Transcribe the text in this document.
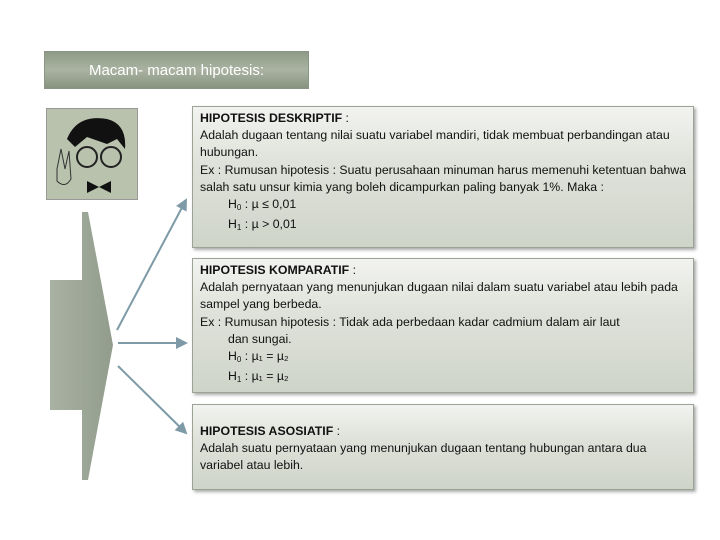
Macam- macam hipotesis:
HIPOTESIS DESKRIPTIF :
Adalah dugaan tentang nilai suatu variabel mandiri, tidak membuat perbandingan atau hubungan.
Ex : Rumusan hipotesis : Suatu perusahaan minuman harus memenuhi ketentuan bahwa salah satu unsur kimia yang boleh dicampurkan paling banyak 1%. Maka :
$H_0$ : µ ≤ 0,01
$H_1$ : µ > 0,01
HIPOTESIS KOMPARATIF :
Adalah pernyataan yang menunjukan dugaan nilai dalam suatu variabel atau lebih pada sampel yang berbeda.
Ex : Rumusan hipotesis : Tidak ada perbedaan kadar cadmium dalam air laut
dan sungai.
$H_0$ : µ₁ = µ₂
$H_1$ : µ₁ = µ₂
HIPOTESIS ASOSIATIF :
Adalah suatu pernyataan yang menunjukan dugaan tentang hubungan antara dua variabel atau lebih.
